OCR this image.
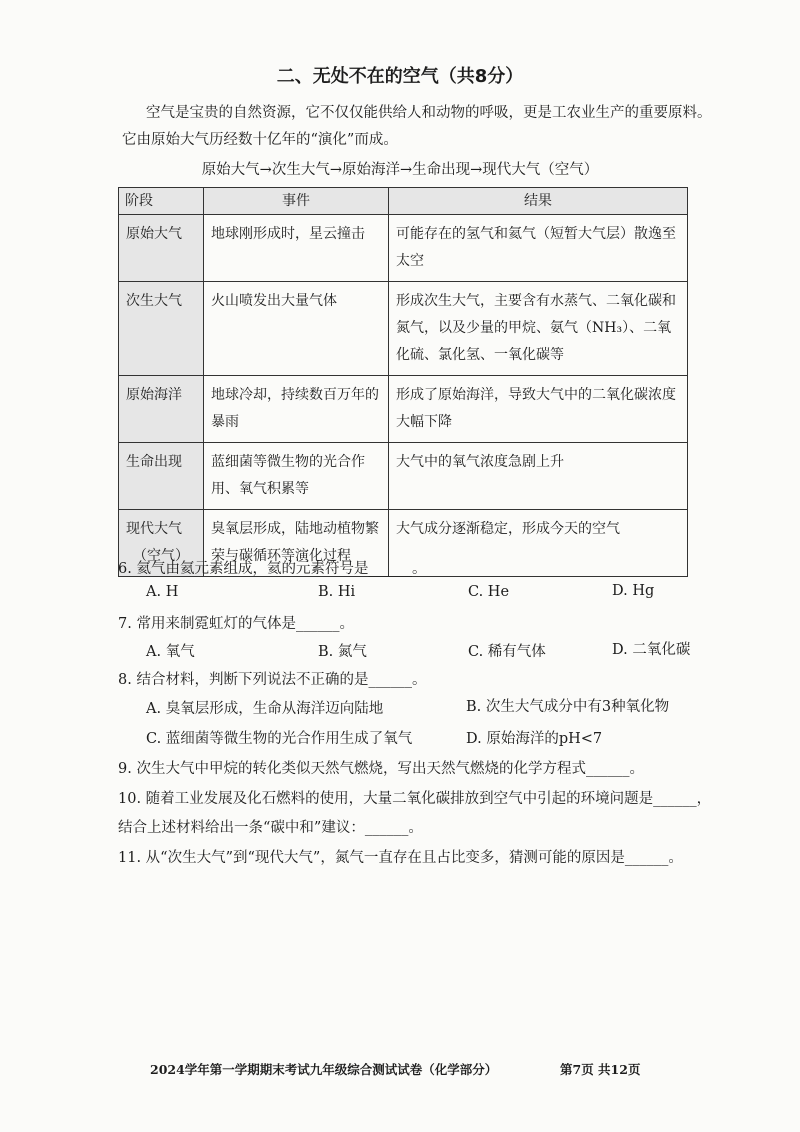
二、无处不在的空气（共8分）
空气是宝贵的自然资源，它不仅仅能供给人和动物的呼吸，更是工农业生产的重要原料。
它由原始大气历经数十亿年的“演化”而成。
原始大气→次生大气→原始海洋→生命出现→现代大气（空气）
阶段	事件	结果
原始大气	地球刚形成时，星云撞击	可能存在的氢气和氦气（短暂大气层）散逸至太空
次生大气	火山喷发出大量气体	形成次生大气，主要含有水蒸气、二氧化碳和氮气，以及少量的甲烷、氨气（NH₃）、二氧化硫、氯化氢、一氧化碳等
原始海洋	地球冷却，持续数百万年的暴雨	形成了原始海洋，导致大气中的二氧化碳浓度大幅下降
生命出现	蓝细菌等微生物的光合作用、氧气积累等	大气中的氧气浓度急剧上升

现代大气
（空气）	臭氧层形成，陆地动植物繁荣与碳循环等演化过程	大气成分逐渐稳定，形成今天的空气
6. 氦气由氦元素组成，氦的元素符号是______。
A. H	B. Hi	C. He	D. Hg
7. 常用来制霓虹灯的气体是______。
A. 氧气	B. 氮气	C. 稀有气体	D. 二氧化碳
8. 结合材料，判断下列说法不正确的是______。
A. 臭氧层形成，生命从海洋迈向陆地	B. 次生大气成分中有3种氧化物
C. 蓝细菌等微生物的光合作用生成了氧气	D. 原始海洋的pH<7
9. 次生大气中甲烷的转化类似天然气燃烧，写出天然气燃烧的化学方程式______。
10. 随着工业发展及化石燃料的使用，大量二氧化碳排放到空气中引起的环境问题是______，
结合上述材料给出一条“碳中和”建议：______。
11. 从“次生大气”到“现代大气”，氮气一直存在且占比变多，猜测可能的原因是______。
2024学年第一学期期末考试九年级综合测试试卷（化学部分）	第7页 共12页
